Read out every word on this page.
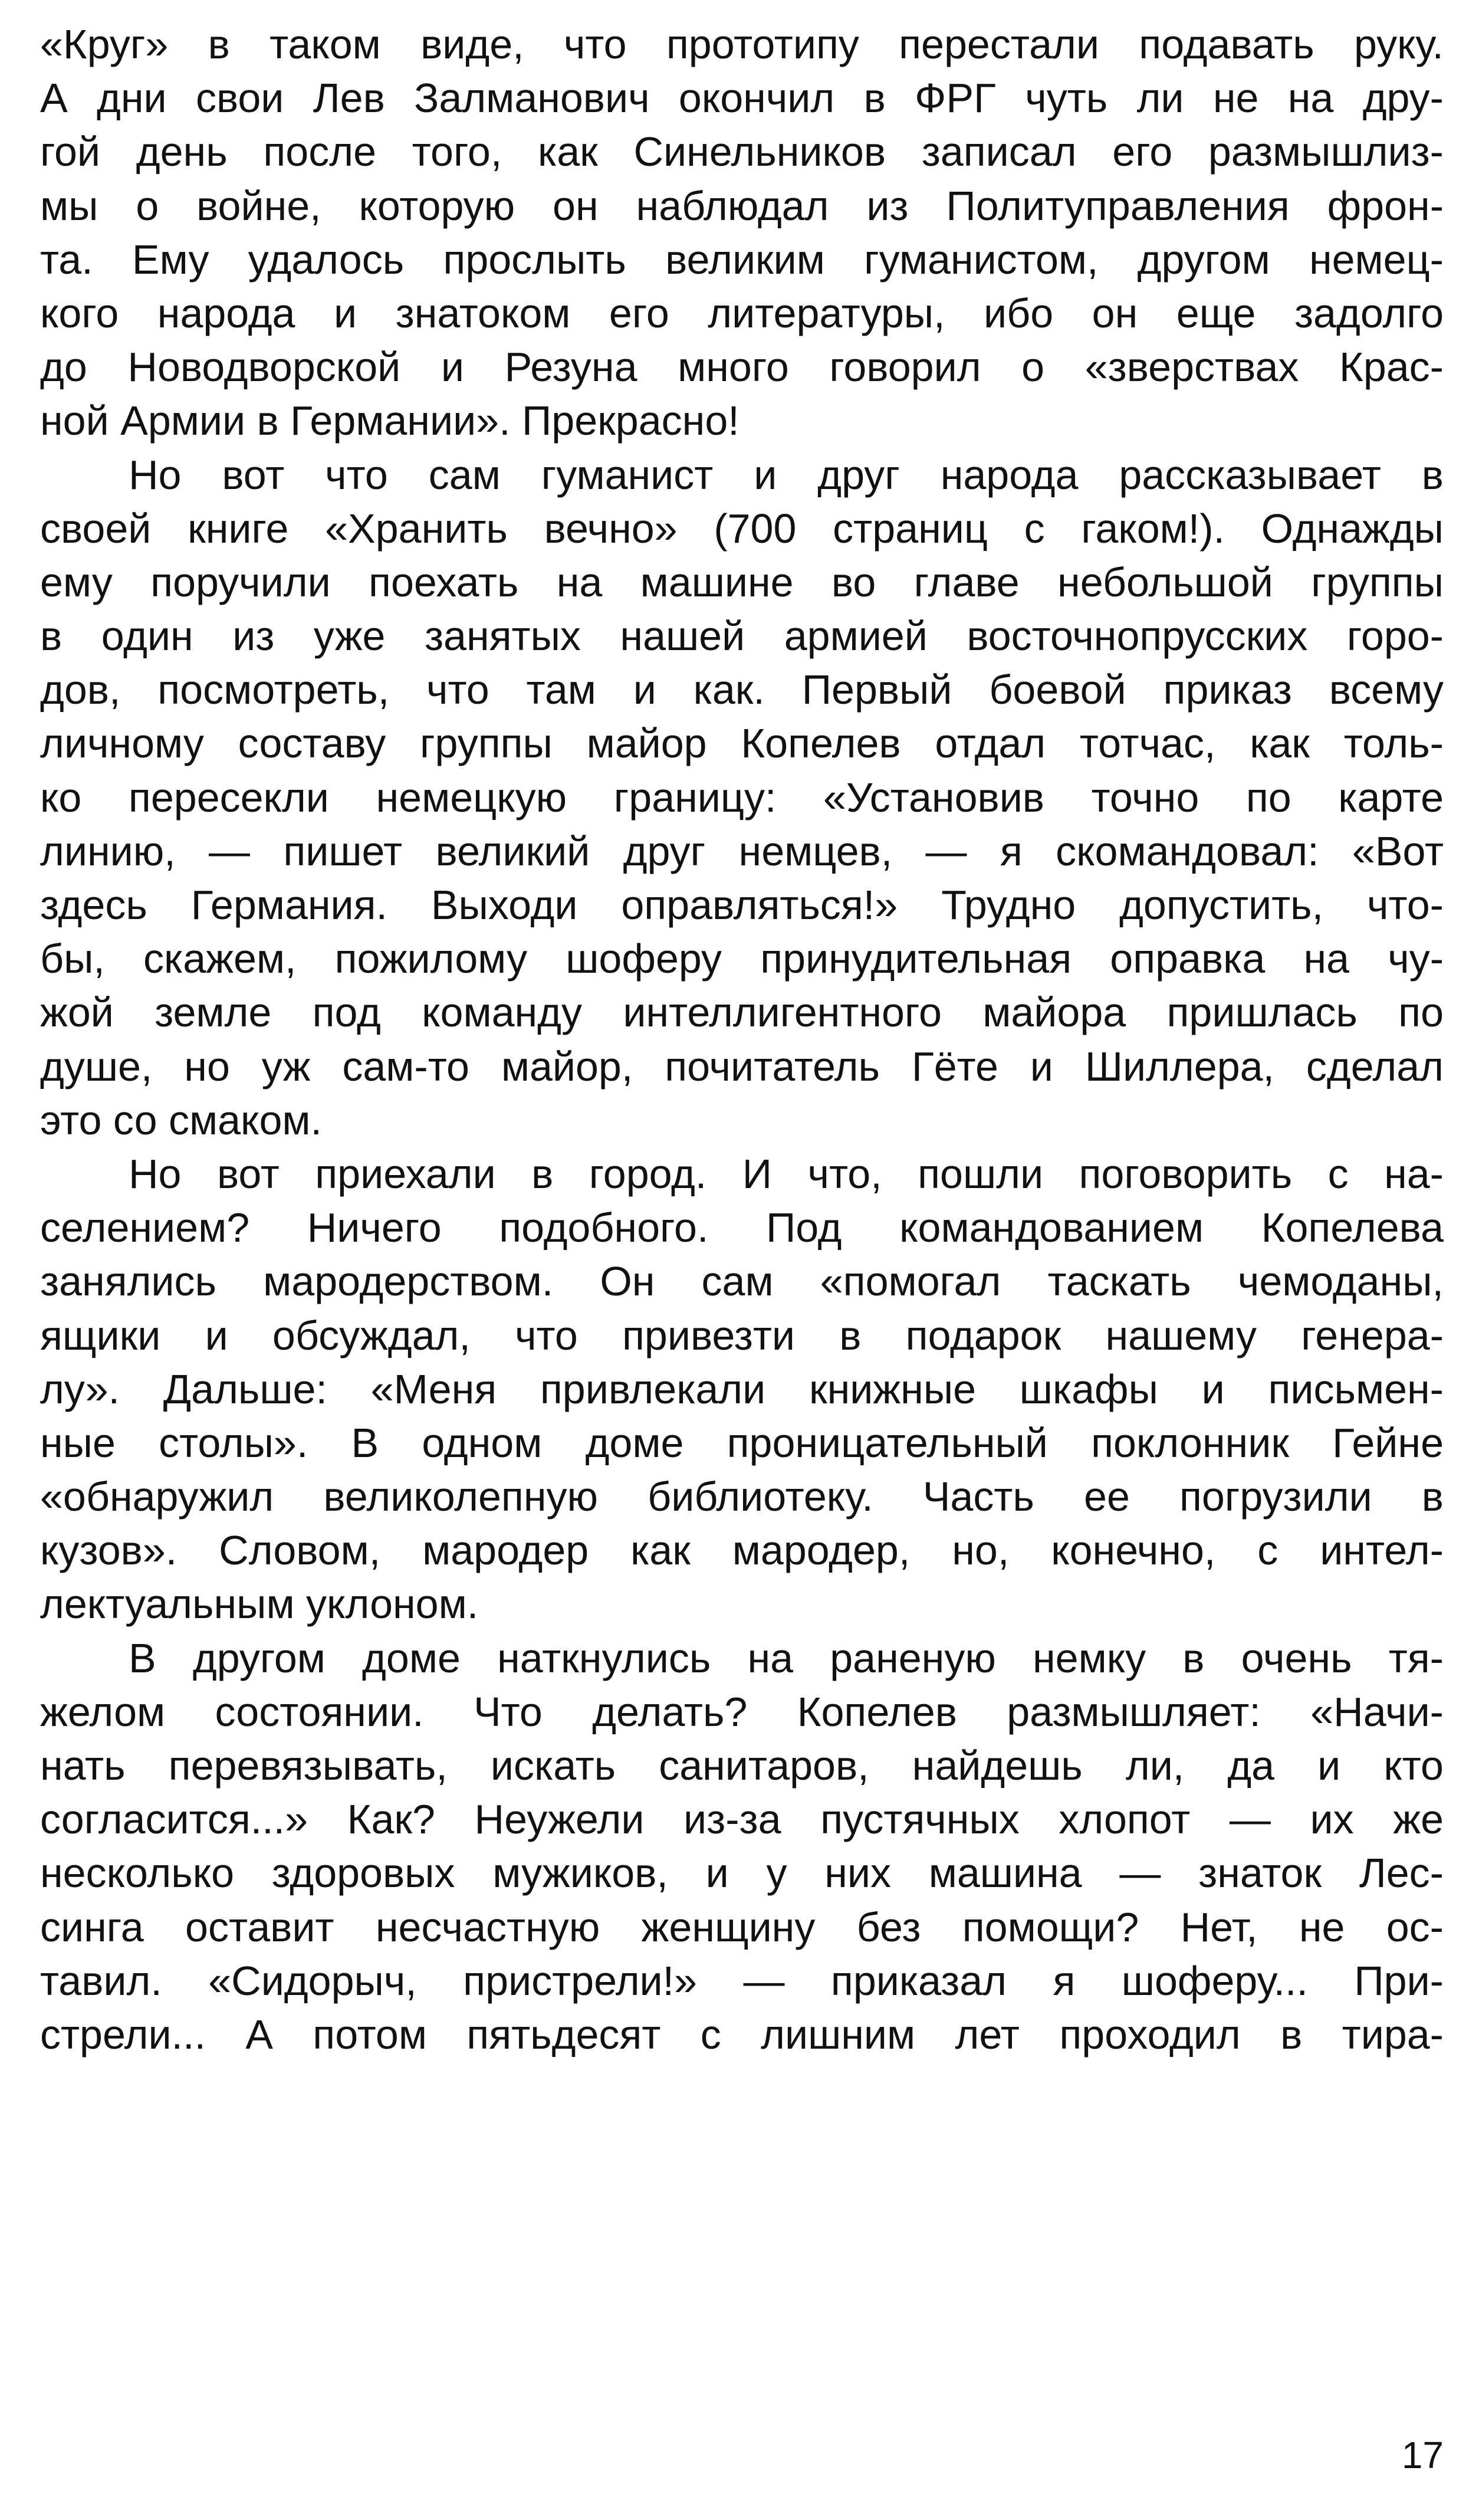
«Круг» в таком виде, что прототипу перестали подавать руку.
А дни свои Лев Залманович окончил в ФРГ чуть ли не на дру-
гой день после того, как Синельников записал его размышлиз-
мы о войне, которую он наблюдал из Политуправления фрон-
та. Ему удалось прослыть великим гуманистом, другом немец-
кого народа и знатоком его литературы, ибо он еще задолго
до Новодворской и Резуна много говорил о «зверствах Крас-
ной Армии в Германии». Прекрасно!
Но вот что сам гуманист и друг народа рассказывает в
своей книге «Хранить вечно» (700 страниц с гаком!). Однажды
ему поручили поехать на машине во главе небольшой группы
в один из уже занятых нашей армией восточнопрусских горо-
дов, посмотреть, что там и как. Первый боевой приказ всему
личному составу группы майор Копелев отдал тотчас, как толь-
ко пересекли немецкую границу: «Установив точно по карте
линию, — пишет великий друг немцев, — я скомандовал: «Вот
здесь Германия. Выходи оправляться!» Трудно допустить, что-
бы, скажем, пожилому шоферу принудительная оправка на чу-
жой земле под команду интеллигентного майора пришлась по
душе, но уж сам-то майор, почитатель Гёте и Шиллера, сделал
это со смаком.
Но вот приехали в город. И что, пошли поговорить с на-
селением? Ничего подобного. Под командованием Копелева
занялись мародерством. Он сам «помогал таскать чемоданы,
ящики и обсуждал, что привезти в подарок нашему генера-
лу». Дальше: «Меня привлекали книжные шкафы и письмен-
ные столы». В одном доме проницательный поклонник Гейне
«обнаружил великолепную библиотеку. Часть ее погрузили в
кузов». Словом, мародер как мародер, но, конечно, с интел-
лектуальным уклоном.
В другом доме наткнулись на раненую немку в очень тя-
желом состоянии. Что делать? Копелев размышляет: «Начи-
нать перевязывать, искать санитаров, найдешь ли, да и кто
согласится...» Как? Неужели из-за пустячных хлопот — их же
несколько здоровых мужиков, и у них машина — знаток Лес-
синга оставит несчастную женщину без помощи? Нет, не ос-
тавил. «Сидорыч, пристрели!» — приказал я шоферу... При-
стрели... А потом пятьдесят с лишним лет проходил в тира-
17
